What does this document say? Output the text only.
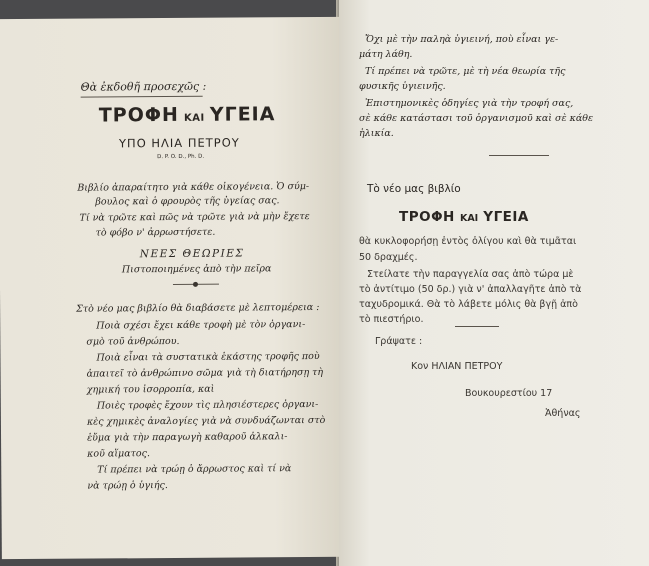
Θὰ ἐκδοθῆ προσεχῶς :
ΤΡΟΦΗ ΚΑΙ ΥΓΕΙΑ
ΥΠΟ ΗΛΙΑ ΠΕΤΡΟΥ
D. P. O. D., Ph. D.
Βιβλίο ἀπαραίτητο γιὰ κάθε οἰκογένεια. Ὁ σύμ-
βουλος καὶ ὁ φρουρὸς τῆς ὑγείας σας.
Τί νὰ τρῶτε καὶ πῶς νὰ τρῶτε γιὰ νὰ μὴν ἔχετε
τὸ φόβο ν' ἀρρωστήσετε.
ΝΕΕΣ ΘΕΩΡΙΕΣ
Πιστοποιημένες ἀπὸ τὴν πεῖρα
Στὸ νέο μας βιβλίο θὰ διαβάσετε μὲ λεπτομέρεια :
Ποιὰ σχέσι ἔχει κάθε τροφὴ μὲ τὸν ὀργανι-
σμὸ τοῦ ἀνθρώπου.
Ποιὰ εἶναι τὰ συστατικὰ ἑκάστης τροφῆς ποὺ
ἀπαιτεῖ τὸ ἀνθρώπινο σῶμα γιὰ τὴ διατήρησῃ τὴ
χημική του ἰσορροπία, καὶ
Ποιὲς τροφὲς ἔχουν τὶς πλησιέστερες ὀργανι-
κὲς χημικὲς ἀναλογίες γιὰ νὰ συνδυάζωνται στὸ
ἑὔμα γιὰ τὴν παραγωγὴ καθαροῦ ἀλκαλι-
κοῦ αἵματος.
Τί πρέπει νὰ τρώῃ ὁ ἄρρωστος καὶ τί νὰ
νὰ τρώῃ ὁ ὑγιής.
Ὄχι μὲ τὴν παληὰ ὑγιεινή, ποὺ εἶναι γε-
μάτη λάθη.
Τί πρέπει νὰ τρῶτε, μὲ τὴ νέα θεωρία τῆς
φυσικῆς ὑγιεινῆς.
Ἐπιστημονικὲς ὁδηγίες γιὰ τὴν τροφή σας,
σὲ κάθε κατάστασι τοῦ ὀργανισμοῦ καὶ σὲ κάθε
ἡλικία.
Τὸ νέο μας βιβλίο
ΤΡΟΦΗ ΚΑΙ ΥΓΕΙΑ
θὰ κυκλοφορήσῃ ἐντὸς ὀλίγου καὶ θὰ τιμᾶται
50 δραχμές.
Στείλατε τὴν παραγγελία σας ἀπὸ τώρα μὲ
τὸ ἀντίτιμο (50 δρ.) γιὰ ν' ἀπαλλαγῆτε ἀπὸ τὰ
ταχυδρομικά. Θὰ τὸ λάβετε μόλις θὰ βγῇ ἀπὸ
τὸ πιεστήριο.
Γράψατε :
Κον ΗΛΙΑΝ ΠΕΤΡΟΥ
Βουκουρεστίου 17
Ἀθήνας
